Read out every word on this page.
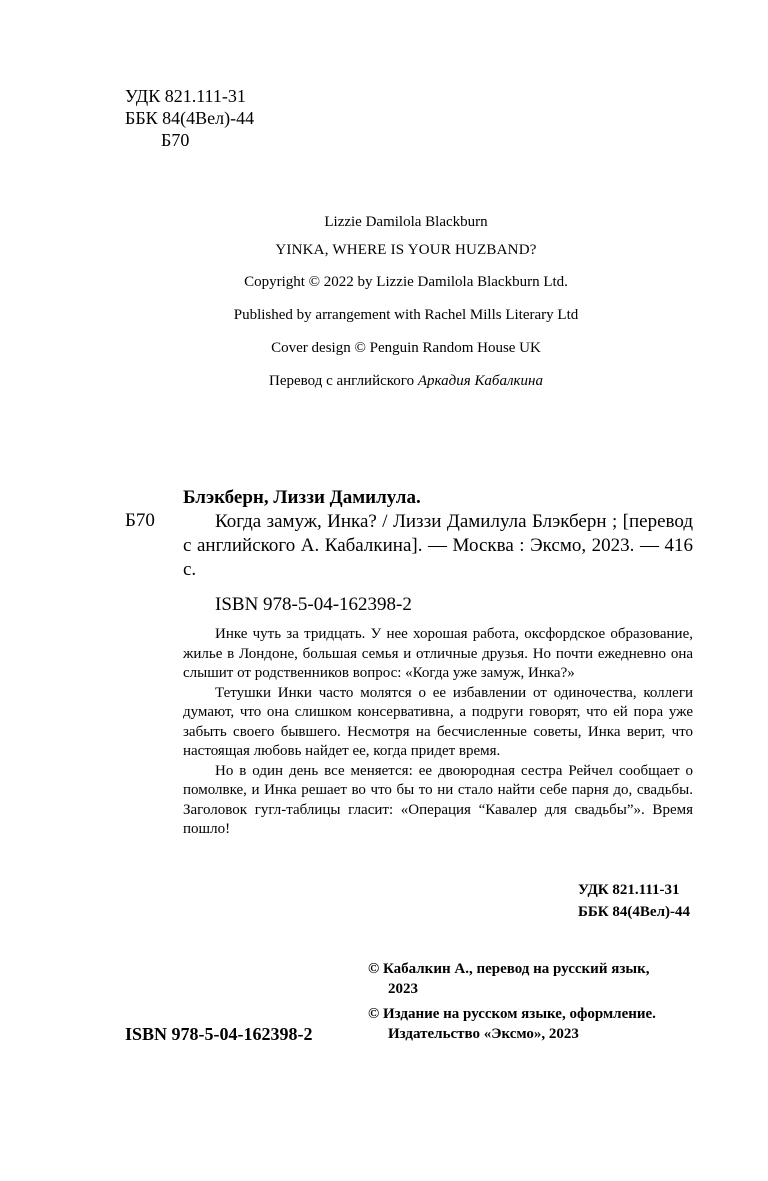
УДК 821.111-31
ББК 84(4Вел)-44
Б70
Lizzie Damilola Blackburn
YINKA, WHERE IS YOUR HUZBAND?
Copyright © 2022 by Lizzie Damilola Blackburn Ltd.
Published by arrangement with Rachel Mills Literary Ltd
Cover design © Penguin Random House UK
Перевод с английского Аркадия Кабалкина
Б70
Блэкберн, Лиззи Дамилула.
Когда замуж, Инка? / Лиззи Дамилула Блэкберн ; [перевод с английского А. Кабалкина]. — Москва : Эксмо, 2023. — 416 с.
ISBN 978-5-04-162398-2

Инке чуть за тридцать. У нее хорошая работа, оксфордское образование, жилье в Лондоне, большая семья и отличные друзья. Но почти ежедневно она слышит от родственников вопрос: «Когда уже замуж, Инка?»

Тетушки Инки часто молятся о ее избавлении от одиночества, коллеги думают, что она слишком консервативна, а подруги говорят, что ей пора уже забыть своего бывшего. Несмотря на бесчисленные советы, Инка верит, что настоящая любовь найдет ее, когда придет время.

Но в один день все меняется: ее двоюродная сестра Рейчел сообщает о помолвке, и Инка решает во что бы то ни стало найти себе парня до, свадьбы. Заголовок гугл-таблицы гласит: «Операция “Кавалер для свадьбы”». Время пошло!

УДК 821.111-31
ББК 84(4Вел)-44
© Кабалкин А., перевод на русский язык,
2023
© Издание на русском языке, оформление.
Издательство «Эксмо», 2023
ISBN 978-5-04-162398-2
